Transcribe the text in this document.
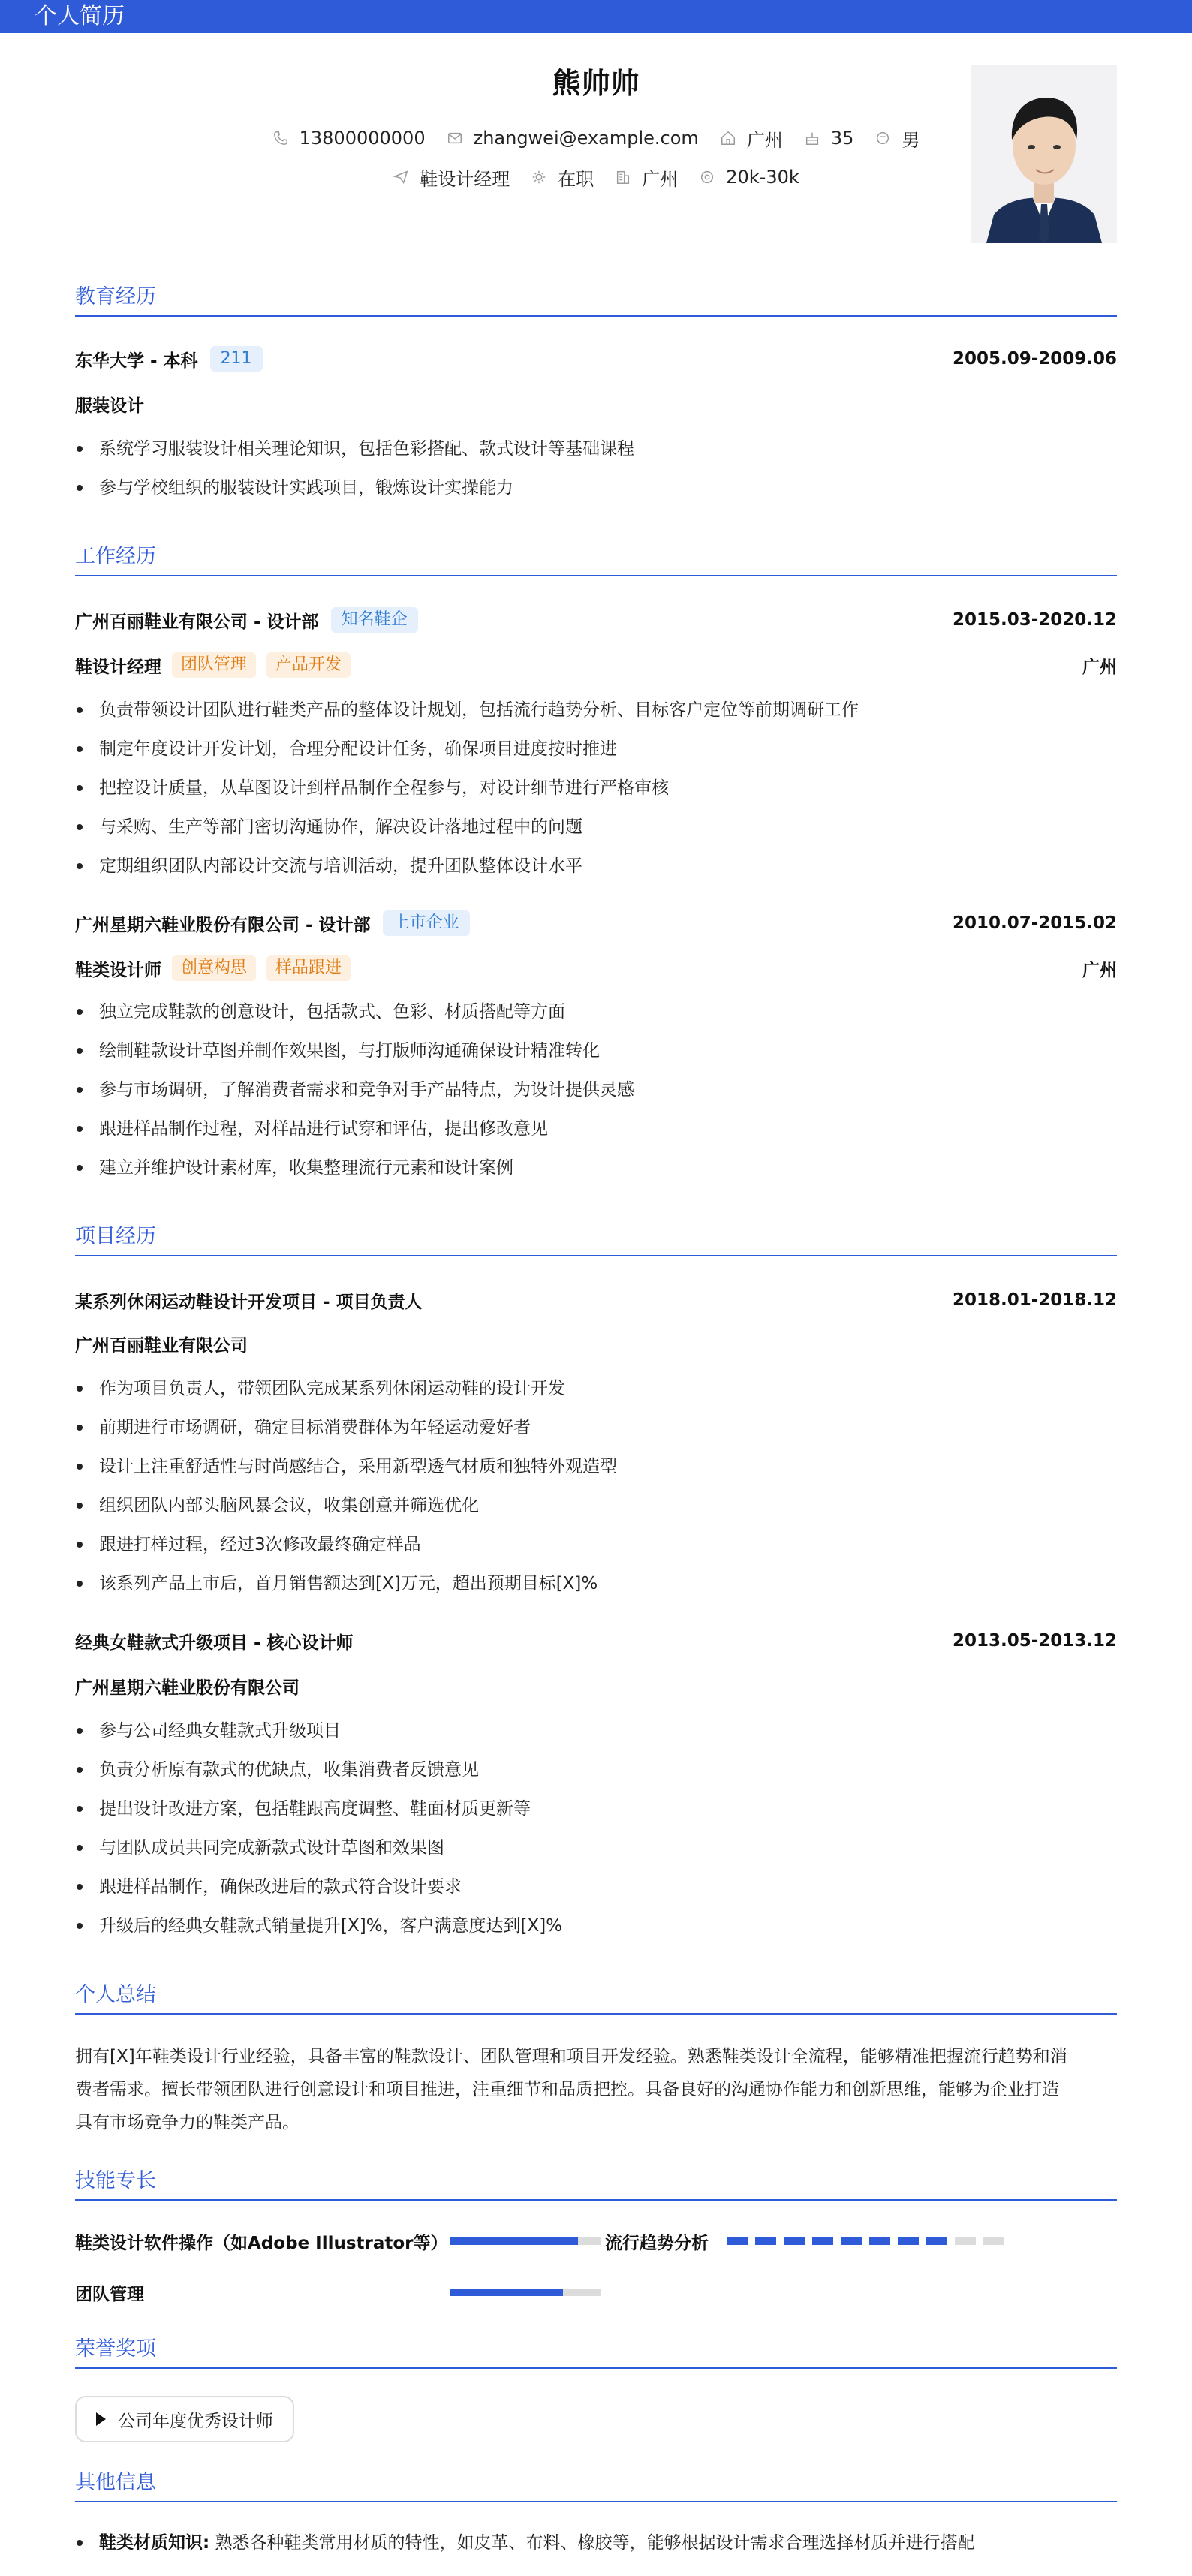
个人简历
熊帅帅
13800000000	zhangwei@example.com	广州	35	男
鞋设计经理	在职	广州	20k-30k
教育经历
东华大学 - 本科	211	2005.09-2009.06
服装设计
系统学习服装设计相关理论知识，包括色彩搭配、款式设计等基础课程
参与学校组织的服装设计实践项目，锻炼设计实操能力
工作经历
广州百丽鞋业有限公司 - 设计部	知名鞋企	2015.03-2020.12
鞋设计经理	团队管理	产品开发	广州
负责带领设计团队进行鞋类产品的整体设计规划，包括流行趋势分析、目标客户定位等前期调研工作
制定年度设计开发计划，合理分配设计任务，确保项目进度按时推进
把控设计质量，从草图设计到样品制作全程参与，对设计细节进行严格审核
与采购、生产等部门密切沟通协作，解决设计落地过程中的问题
定期组织团队内部设计交流与培训活动，提升团队整体设计水平
广州星期六鞋业股份有限公司 - 设计部	上市企业	2010.07-2015.02
鞋类设计师	创意构思	样品跟进	广州
独立完成鞋款的创意设计，包括款式、色彩、材质搭配等方面
绘制鞋款设计草图并制作效果图，与打版师沟通确保设计精准转化
参与市场调研，了解消费者需求和竞争对手产品特点，为设计提供灵感
跟进样品制作过程，对样品进行试穿和评估，提出修改意见
建立并维护设计素材库，收集整理流行元素和设计案例
项目经历
某系列休闲运动鞋设计开发项目 - 项目负责人	2018.01-2018.12
广州百丽鞋业有限公司
作为项目负责人，带领团队完成某系列休闲运动鞋的设计开发
前期进行市场调研，确定目标消费群体为年轻运动爱好者
设计上注重舒适性与时尚感结合，采用新型透气材质和独特外观造型
组织团队内部头脑风暴会议，收集创意并筛选优化
跟进打样过程，经过3次修改最终确定样品
该系列产品上市后，首月销售额达到[X]万元，超出预期目标[X]%
经典女鞋款式升级项目 - 核心设计师	2013.05-2013.12
广州星期六鞋业股份有限公司
参与公司经典女鞋款式升级项目
负责分析原有款式的优缺点，收集消费者反馈意见
提出设计改进方案，包括鞋跟高度调整、鞋面材质更新等
与团队成员共同完成新款式设计草图和效果图
跟进样品制作，确保改进后的款式符合设计要求
升级后的经典女鞋款式销量提升[X]%，客户满意度达到[X]%
个人总结
拥有[X]年鞋类设计行业经验，具备丰富的鞋款设计、团队管理和项目开发经验。熟悉鞋类设计全流程，能够精准把握流行趋势和消
费者需求。擅长带领团队进行创意设计和项目推进，注重细节和品质把控。具备良好的沟通协作能力和创新思维，能够为企业打造
具有市场竞争力的鞋类产品。
技能专长
鞋类设计软件操作（如Adobe Illustrator等）	流行趋势分析
团队管理
荣誉奖项
公司年度优秀设计师
其他信息
鞋类材质知识: 熟悉各种鞋类常用材质的特性，如皮革、布料、橡胶等，能够根据设计需求合理选择材质并进行搭配
